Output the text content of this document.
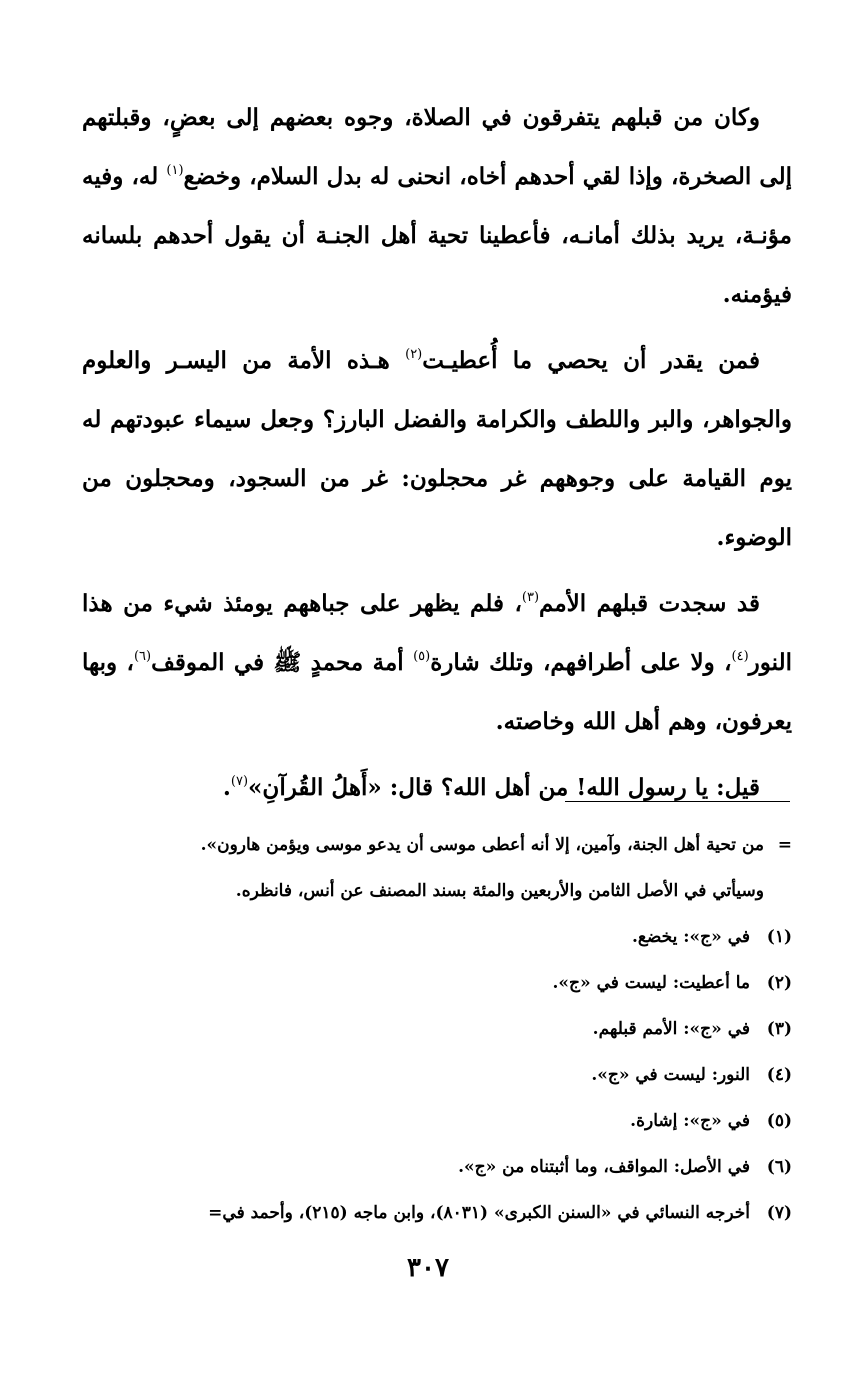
وكان من قبلهم يتفرقون في الصلاة، وجوه بعضهم إلى بعضٍ، وقبلتهم إلى الصخرة، وإذا لقي أحدهم أخاه، انحنى له بدل السلام، وخضع$^{(١)}$ له، وفيه مؤنـة، يريد بذلك أمانـه، فأعطينا تحية أهل الجنـة أن يقول أحدهم بلسانه فيؤمنه.

فمن يقدر أن يحصي ما أُعطيـت$^{(٢)}$ هـذه الأمة من اليسـر والعلوم والجواهر، والبر واللطف والكرامة والفضل البارز؟ وجعل سيماء عبودتهم له يوم القيامة على وجوههم غر محجلون: غر من السجود، ومحجلون من الوضوء.

قد سجدت قبلهم الأمم$^{(٣)}$، فلم يظهر على جباههم يومئذ شيء من هذا النور$^{(٤)}$، ولا على أطرافهم، وتلك شارة$^{(٥)}$ أمة محمدٍ ﷺ في الموقف$^{(٦)}$، وبها يعرفون، وهم أهل الله وخاصته.

قيل: يا رسول الله! من أهل الله؟ قال: «أَهلُ القُرآنِ»$^{(٧)}$.

=من تحية أهل الجنة، وآمين، إلا أنه أعطى موسى أن يدعو موسى ويؤمن هارون».

وسيأتي في الأصل الثامن والأربعين والمئة بسند المصنف عن أنس، فانظره.

(١)
في «ج»: يخضع.
(٢)
ما أعطيت: ليست في «ج».
(٣)
في «ج»: الأمم قبلهم.
(٤)
النور: ليست في «ج».
(٥)
في «ج»: إشارة.
(٦)
في الأصل: المواقف، وما أثبتناه من «ج».
(٧)
أخرجه النسائي في «السنن الكبرى» (٨٠٣١)، وابن ماجه (٢١٥)، وأحمد في=
٣٠٧
